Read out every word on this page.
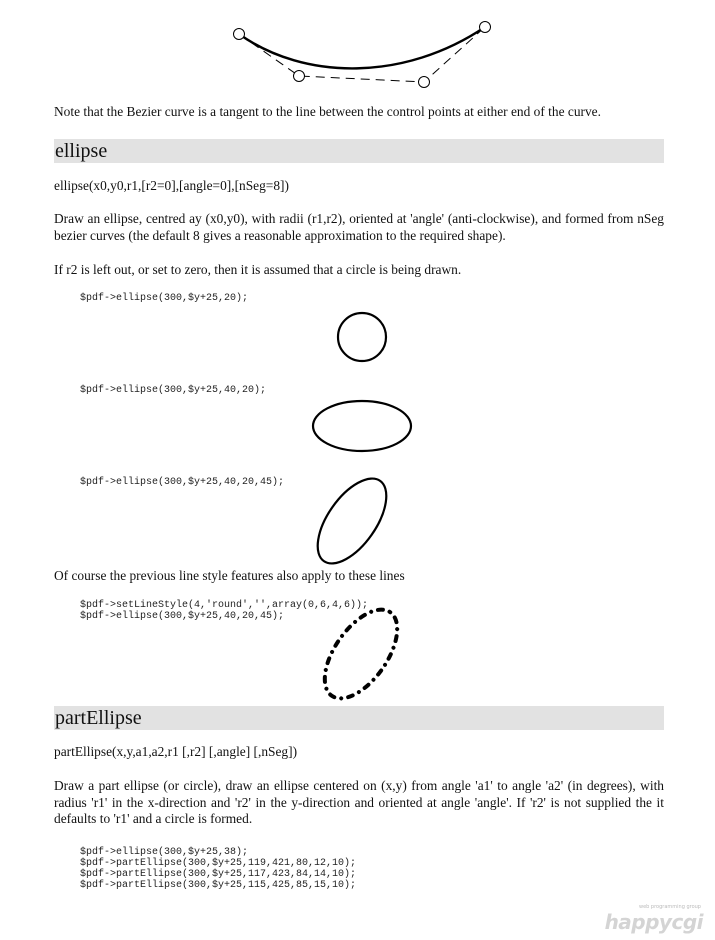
Note that the Bezier curve is a tangent to the line between the control points at either end of the curve.

ellipse

ellipse(x0,y0,r1,[r2=0],[angle=0],[nSeg=8])

Draw an ellipse, centred ay (x0,y0), with radii (r1,r2), oriented at 'angle' (anti-clockwise), and formed from nSeg bezier curves (the default 8 gives a reasonable approximation to the required shape).

If r2 is left out, or set to zero, then it is assumed that a circle is being drawn.

$pdf->ellipse(300,$y+25,20);
$pdf->ellipse(300,$y+25,40,20);
$pdf->ellipse(300,$y+25,40,20,45);

Of course the previous line style features also apply to these lines

$pdf->setLineStyle(4,'round','',array(0,6,4,6));
$pdf->ellipse(300,$y+25,40,20,45);
partEllipse

partEllipse(x,y,a1,a2,r1 [,r2] [,angle] [,nSeg])

Draw a part ellipse (or circle), draw an ellipse centered on (x,y) from angle 'a1' to angle 'a2' (in degrees), with radius 'r1' in the x-direction and 'r2' in the y-direction and oriented at angle 'angle'. If 'r2' is not supplied the it defaults to 'r1' and a circle is formed.

$pdf->ellipse(300,$y+25,38);
$pdf->partEllipse(300,$y+25,119,421,80,12,10);
$pdf->partEllipse(300,$y+25,117,423,84,14,10);
$pdf->partEllipse(300,$y+25,115,425,85,15,10);
web programming group
happycgi
